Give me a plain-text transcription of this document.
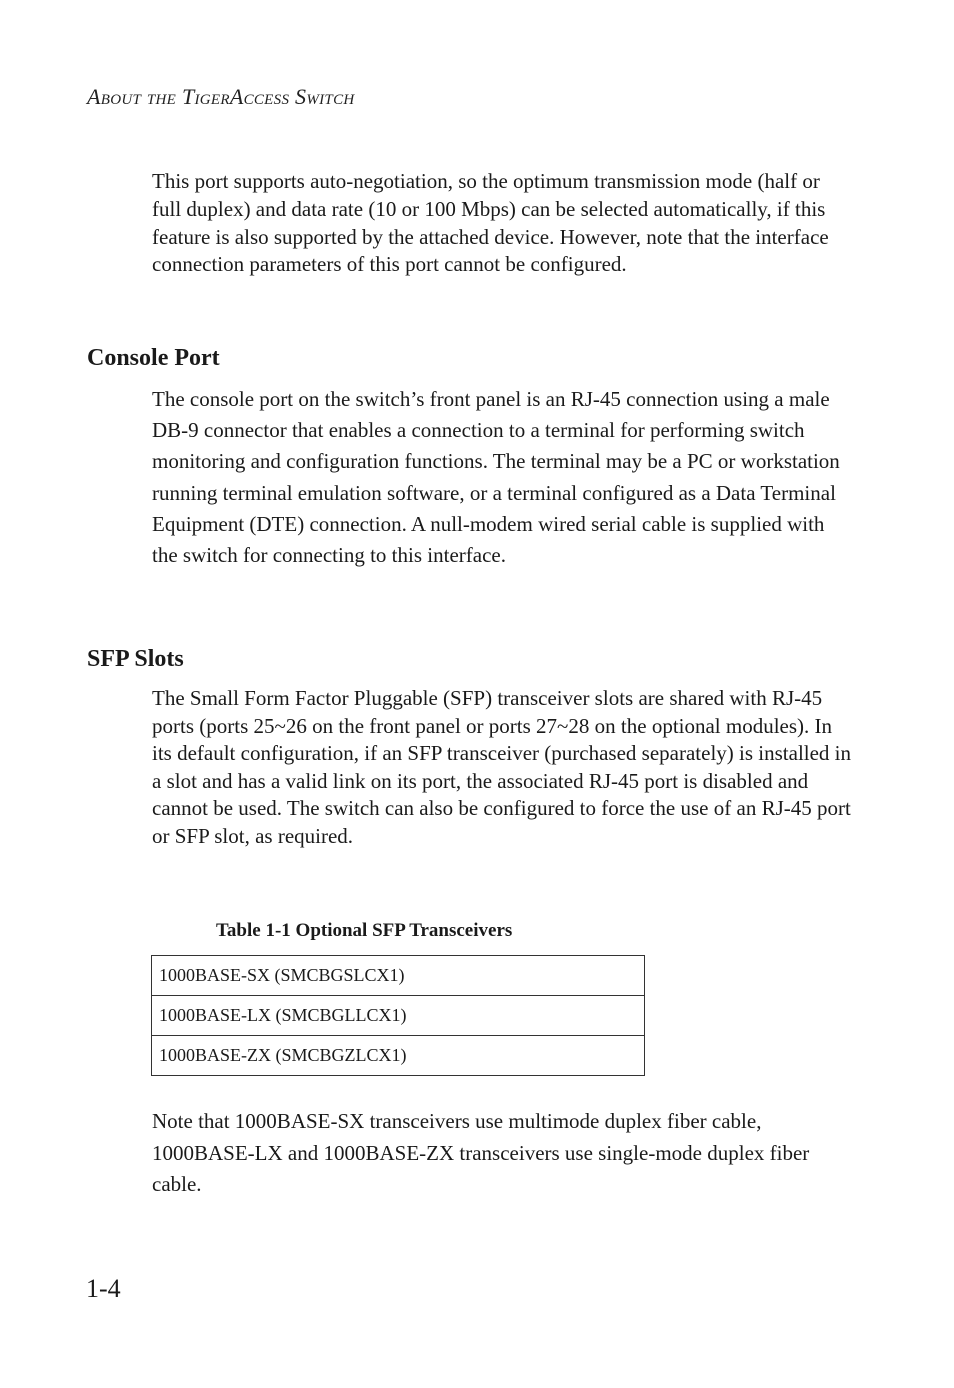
About the TigerAccess Switch

This port supports auto-negotiation, so the optimum transmission mode (half or full duplex) and data rate (10 or 100 Mbps) can be selected automatically, if this feature is also supported by the attached device. However, note that the interface connection parameters of this port cannot be configured.

Console Port

The console port on the switch’s front panel is an RJ-45 connection using a male DB-9 connector that enables a connection to a terminal for performing switch monitoring and configuration functions. The terminal may be a PC or workstation running terminal emulation software, or a terminal configured as a Data Terminal Equipment (DTE) connection. A null-modem wired serial cable is supplied with the switch for connecting to this interface.

SFP Slots

The Small Form Factor Pluggable (SFP) transceiver slots are shared with RJ-45 ports (ports 25~26 on the front panel or ports 27~28 on the optional modules). In its default configuration, if an SFP transceiver (purchased separately) is installed in a slot and has a valid link on its port, the associated RJ-45 port is disabled and cannot be used. The switch can also be configured to force the use of an RJ-45 port or SFP slot, as required.

Table 1-1 Optional SFP Transceivers
1000BASE-SX (SMCBGSLCX1)
1000BASE-LX (SMCBGLLCX1)
1000BASE-ZX (SMCBGZLCX1)

Note that 1000BASE-SX transceivers use multimode duplex fiber cable, 1000BASE-LX and 1000BASE-ZX transceivers use single-mode duplex fiber cable.

1-4
